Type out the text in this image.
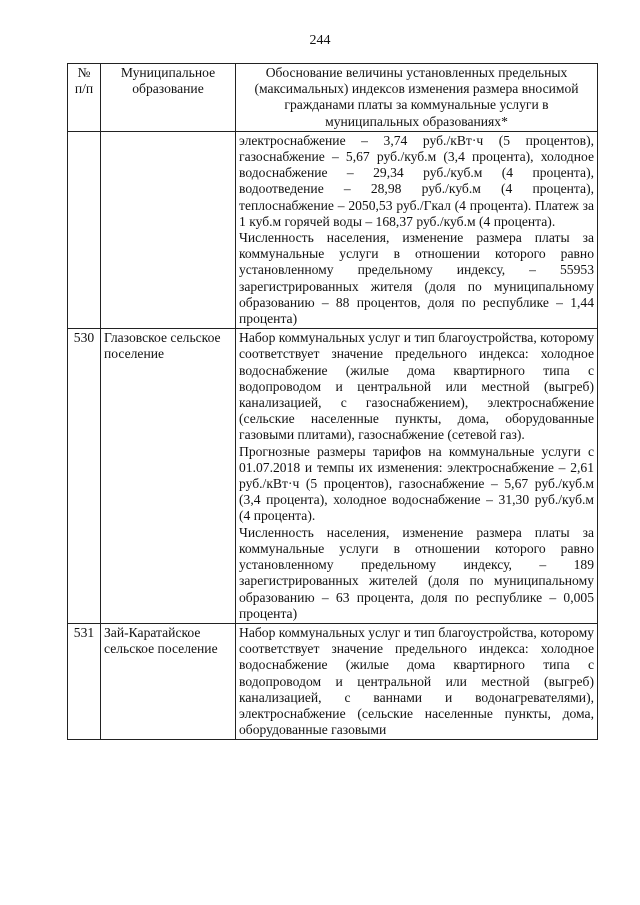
244
№ п/п	Муниципальное образование	Обоснование величины установленных предельных (максимальных) индексов изменения размера вносимой гражданами платы за коммунальные услуги в муниципальных образованиях*

		электроснабжение – 3,74 руб./кВт·ч (5 процентов), газоснабжение – 5,67 руб./куб.м (3,4 процента), холодное водоснабжение – 29,34 руб./куб.м (4 процента), водоотведение – 28,98 руб./куб.м (4 процента), теплоснабжение – 2050,53 руб./Гкал (4 процента). Платеж за 1 куб.м горячей воды – 168,37 руб./куб.м (4 процента).

Численность населения, изменение размера платы за коммунальные услуги в отношении которого равно установленному предельному индексу, – 55953 зарегистрированных жителя (доля по муниципальному образованию – 88 процентов, доля по республике – 1,44 процента)

530	Глазовское сельское поселение	Набор коммунальных услуг и тип благоустройства, которому соответствует значение предельного индекса: холодное водоснабжение (жилые дома квартирного типа с водопроводом и центральной или местной (выгреб) канализацией, с газоснабжением), электроснабжение (сельские населенные пункты, дома, оборудованные газовыми плитами), газоснабжение (сетевой газ).

Прогнозные размеры тарифов на коммунальные услуги с 01.07.2018 и темпы их изменения: электроснабжение – 2,61 руб./кВт·ч (5 процентов), газоснабжение – 5,67 руб./куб.м (3,4 процента), холодное водоснабжение – 31,30 руб./куб.м (4 процента).

Численность населения, изменение размера платы за коммунальные услуги в отношении которого равно установленному предельному индексу, – 189 зарегистрированных жителей (доля по муниципальному образованию – 63 процента, доля по республике – 0,005 процента)

531	Зай-Каратайское сельское поселение	Набор коммунальных услуг и тип благоустройства, которому соответствует значение предельного индекса: холодное водоснабжение (жилые дома квартирного типа с водопроводом и центральной или местной (выгреб) канализацией, с ваннами и водонагревателями), электроснабжение (сельские населенные пункты, дома, оборудованные газовыми
